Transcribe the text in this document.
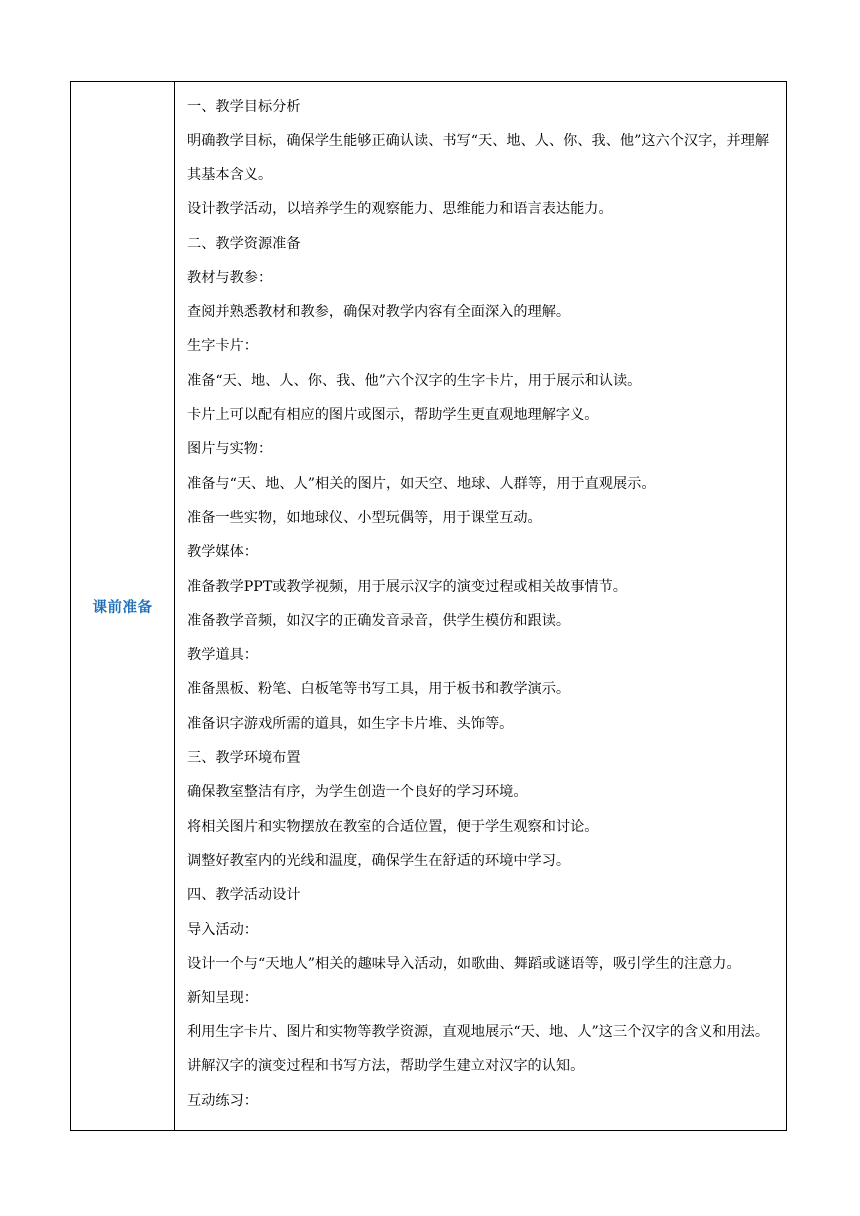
课前准备

一、教学目标分析

明确教学目标，确保学生能够正确认读、书写“天、地、人、你、我、他”这六个汉字，并理解其基本含义。

设计教学活动，以培养学生的观察能力、思维能力和语言表达能力。

二、教学资源准备

教材与教参：

查阅并熟悉教材和教参，确保对教学内容有全面深入的理解。

生字卡片：

准备“天、地、人、你、我、他”六个汉字的生字卡片，用于展示和认读。

卡片上可以配有相应的图片或图示，帮助学生更直观地理解字义。

图片与实物：

准备与“天、地、人”相关的图片，如天空、地球、人群等，用于直观展示。

准备一些实物，如地球仪、小型玩偶等，用于课堂互动。

教学媒体：

准备教学PPT或教学视频，用于展示汉字的演变过程或相关故事情节。

准备教学音频，如汉字的正确发音录音，供学生模仿和跟读。

教学道具：

准备黑板、粉笔、白板笔等书写工具，用于板书和教学演示。

准备识字游戏所需的道具，如生字卡片堆、头饰等。

三、教学环境布置

确保教室整洁有序，为学生创造一个良好的学习环境。

将相关图片和实物摆放在教室的合适位置，便于学生观察和讨论。

调整好教室内的光线和温度，确保学生在舒适的环境中学习。

四、教学活动设计

导入活动：

设计一个与“天地人”相关的趣味导入活动，如歌曲、舞蹈或谜语等，吸引学生的注意力。

新知呈现：

利用生字卡片、图片和实物等教学资源，直观地展示“天、地、人”这三个汉字的含义和用法。

讲解汉字的演变过程和书写方法，帮助学生建立对汉字的认知。

互动练习：
